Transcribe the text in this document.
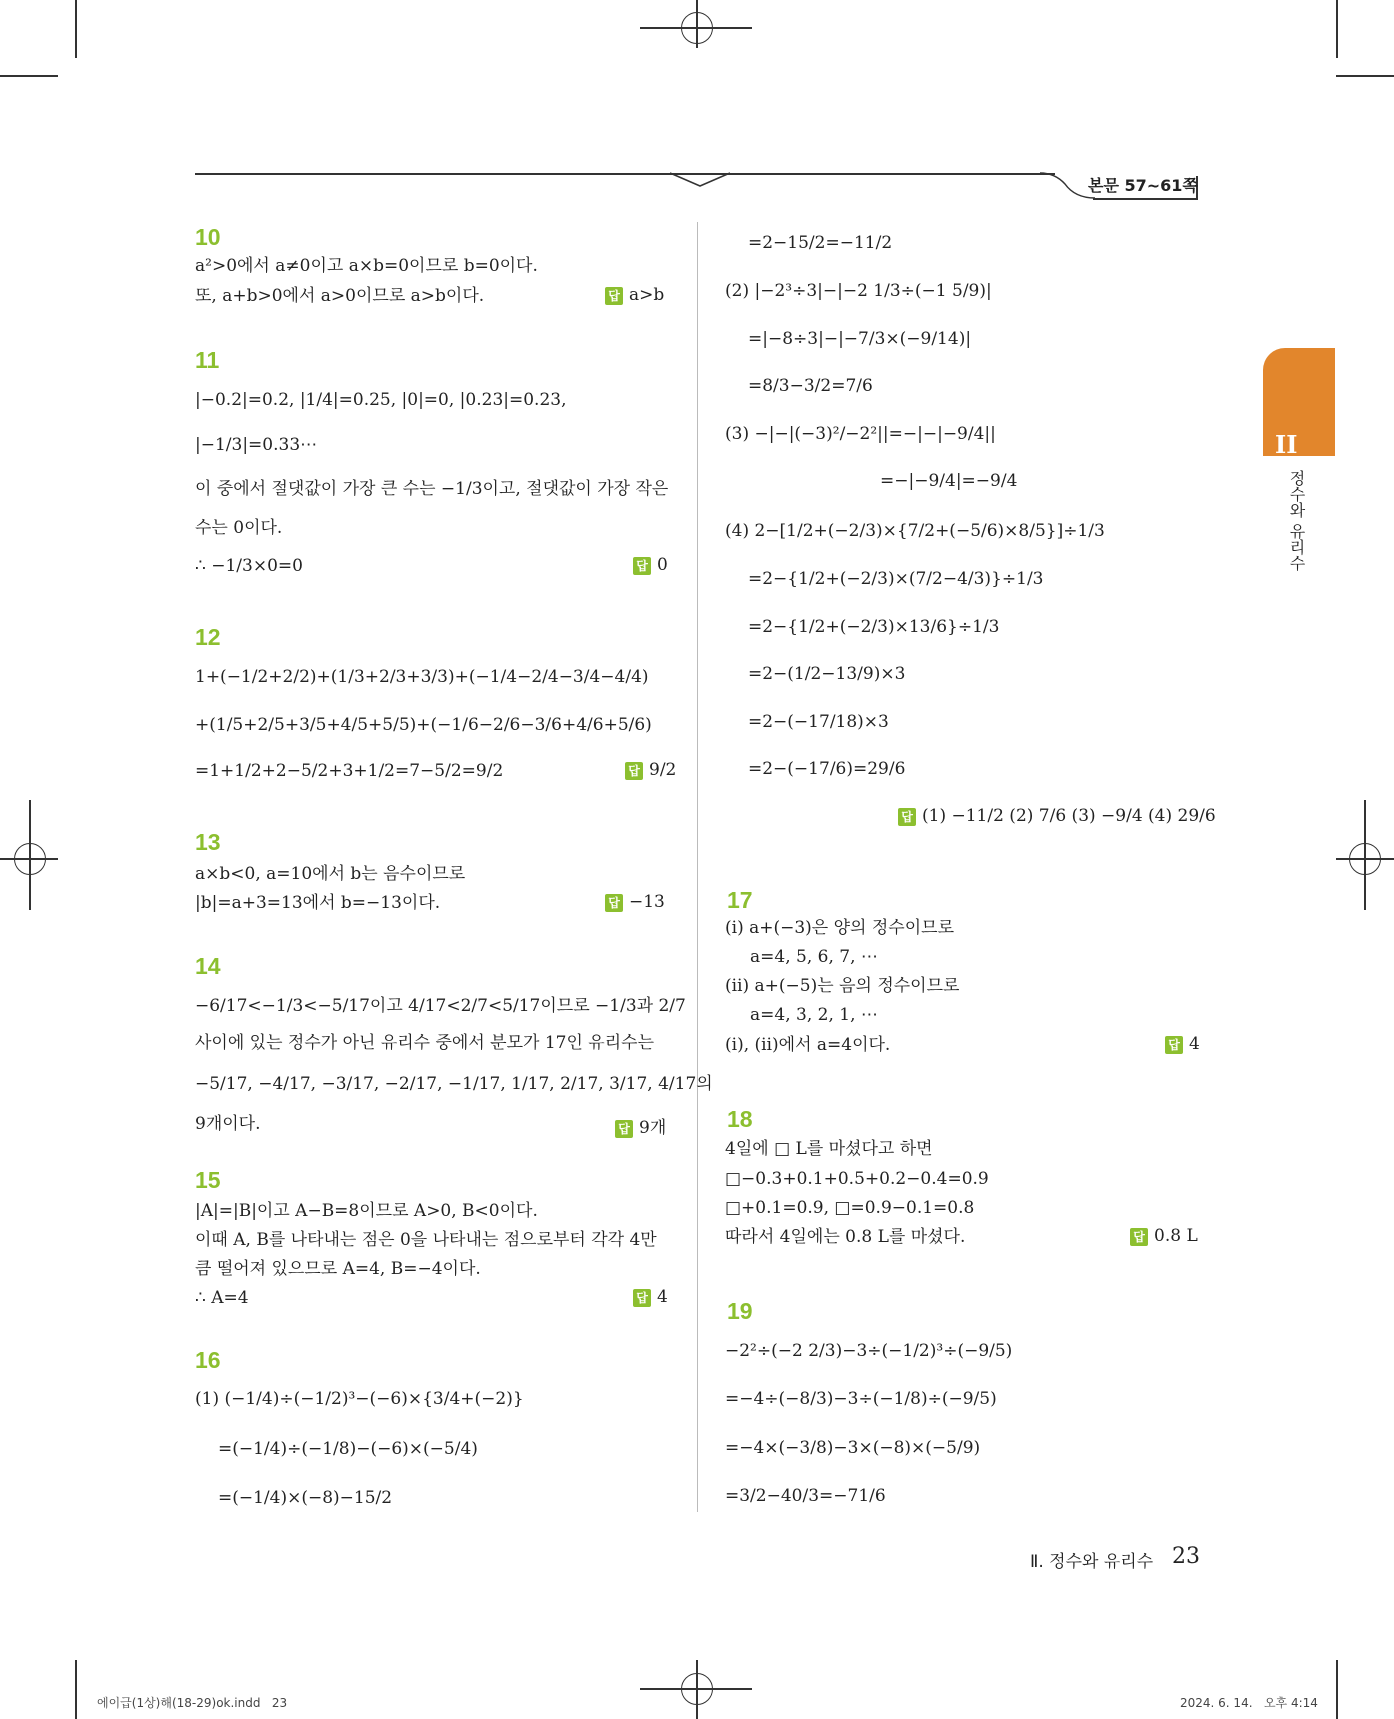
본문 57~61쪽
II
정수와 유리수
10
a²>0에서 a≠0이고 a×b=0이므로 b=0이다.
또, a+b>0에서 a>0이므로 a>b이다.	답 a>b
11
|−0.2|=0.2, |1/4|=0.25, |0|=0, |0.23|=0.23,
|−1/3|=0.33⋯
이 중에서 절댓값이 가장 큰 수는 −1/3이고, 절댓값이 가장 작은
수는 0이다.
∴ −1/3×0=0	답 0
12
1+(−1/2+2/2)+(1/3+2/3+3/3)+(−1/4−2/4−3/4−4/4)
+(1/5+2/5+3/5+4/5+5/5)+(−1/6−2/6−3/6+4/6+5/6)
=1+1/2+2−5/2+3+1/2=7−5/2=9/2	답 9/2
13
a×b<0, a=10에서 b는 음수이므로
|b|=a+3=13에서 b=−13이다.	답 −13
14
−6/17<−1/3<−5/17이고 4/17<2/7<5/17이므로 −1/3과 2/7
사이에 있는 정수가 아닌 유리수 중에서 분모가 17인 유리수는
−5/17, −4/17, −3/17, −2/17, −1/17, 1/17, 2/17, 3/17, 4/17의
9개이다.	답 9개
15
|A|=|B|이고 A−B=8이므로 A>0, B<0이다.
이때 A, B를 나타내는 점은 0을 나타내는 점으로부터 각각 4만
큼 떨어져 있으므로 A=4, B=−4이다.
∴ A=4	답 4
16
(1) (−1/4)÷(−1/2)³−(−6)×{3/4+(−2)}
=(−1/4)÷(−1/8)−(−6)×(−5/4)
=(−1/4)×(−8)−15/2
=2−15/2=−11/2
(2) |−2³÷3|−|−2 1/3÷(−1 5/9)|
=|−8÷3|−|−7/3×(−9/14)|
=8/3−3/2=7/6
(3) −|−|(−3)²/−2²||=−|−|−9/4||
=−|−9/4|=−9/4
(4) 2−[1/2+(−2/3)×{7/2+(−5/6)×8/5}]÷1/3
=2−{1/2+(−2/3)×(7/2−4/3)}÷1/3
=2−{1/2+(−2/3)×13/6}÷1/3
=2−(1/2−13/9)×3
=2−(−17/18)×3
=2−(−17/6)=29/6
답 (1) −11/2 (2) 7/6 (3) −9/4 (4) 29/6
17
(ⅰ) a+(−3)은 양의 정수이므로
a=4, 5, 6, 7, ⋯
(ⅱ) a+(−5)는 음의 정수이므로
a=4, 3, 2, 1, ⋯
(ⅰ), (ⅱ)에서 a=4이다.	답 4
18
4일에 □ L를 마셨다고 하면
□−0.3+0.1+0.5+0.2−0.4=0.9
□+0.1=0.9, □=0.9−0.1=0.8
따라서 4일에는 0.8 L를 마셨다.	답 0.8 L
19
−2²÷(−2 2/3)−3÷(−1/2)³÷(−9/5)
=−4÷(−8/3)−3÷(−1/8)÷(−9/5)
=−4×(−3/8)−3×(−8)×(−5/9)
=3/2−40/3=−71/6
Ⅱ. 정수와 유리수 23
에이급(1상)해(18-29)ok.indd   23	2024. 6. 14.   오후 4:14
